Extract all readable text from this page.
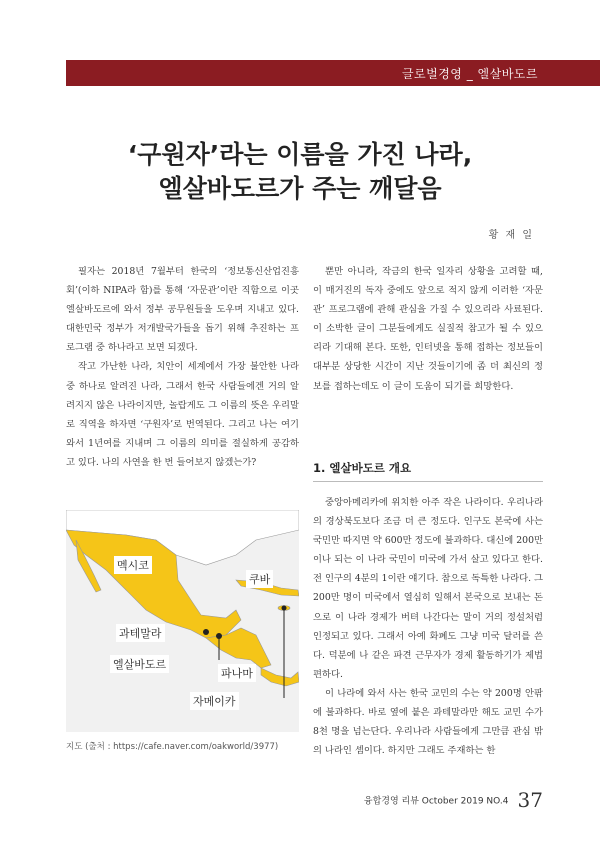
글로벌경영 _ 엘살바도르
‘구원자’라는 이름을 가진 나라,
엘살바도르가 주는 깨달음
황 재 일

필자는 2018년 7월부터 한국의 ‘정보통신산업진흥회’(이하 NIPA라 함)를 통해 ‘자문관’이란 직함으로 이곳 엘살바도르에 와서 정부 공무원들을 도우며 지내고 있다. 대한민국 정부가 저개발국가들을 돕기 위해 추진하는 프로그램 중 하나라고 보면 되겠다.

작고 가난한 나라, 치안이 세계에서 가장 불안한 나라 중 하나로 알려진 나라, 그래서 한국 사람들에겐 거의 알려지지 않은 나라이지만, 놀랍게도 그 이름의 뜻은 우리말로 직역을 하자면 ‘구원자’로 번역된다. 그리고 나는 여기 와서 1년여를 지내며 그 이름의 의미를 절실하게 공감하고 있다. 나의 사연을 한 번 들어보지 않겠는가?

뿐만 아니라, 작금의 한국 일자리 상황을 고려할 때, 이 매거진의 독자 중에도 앞으로 적지 않게 이러한 ‘자문관’ 프로그램에 관해 관심을 가질 수 있으리라 사료된다. 이 소박한 글이 그분들에게도 실질적 참고가 될 수 있으리라 기대해 본다. 또한, 인터넷을 통해 접하는 정보들이 대부분 상당한 시간이 지난 것들이기에 좀 더 최신의 정보를 접하는데도 이 글이 도움이 되기를 희망한다.

1. 엘살바도르 개요

중앙아메리카에 위치한 아주 작은 나라이다. 우리나라의 경상북도보다 조금 더 큰 정도다. 인구도 본국에 사는 국민만 따지면 약 600만 정도에 불과하다. 대신에 200만이나 되는 이 나라 국민이 미국에 가서 살고 있다고 한다. 전 인구의 4분의 1이란 얘기다. 참으로 독특한 나라다. 그 200만 명이 미국에서 열심히 일해서 본국으로 보내는 돈으로 이 나라 경제가 버텨 나간다는 말이 거의 정설처럼 인정되고 있다. 그래서 아예 화폐도 그냥 미국 달러를 쓴다. 덕분에 나 같은 파견 근무자가 경제 활동하기가 제법 편하다.

이 나라에 와서 사는 한국 교민의 수는 약 200명 안팎에 불과하다. 바로 옆에 붙은 과테말라만 해도 교민 수가 8천 명을 넘는단다. 우리나라 사람들에게 그만큼 관심 밖의 나라인 셈이다. 하지만 그래도 주재하는 한

멕시코
쿠바
과테말라
엘살바도르
파나마
자메이카
지도 (출처 : https://cafe.naver.com/oakworld/3977)
융합경영 리뷰 October 2019 NO.4 37
